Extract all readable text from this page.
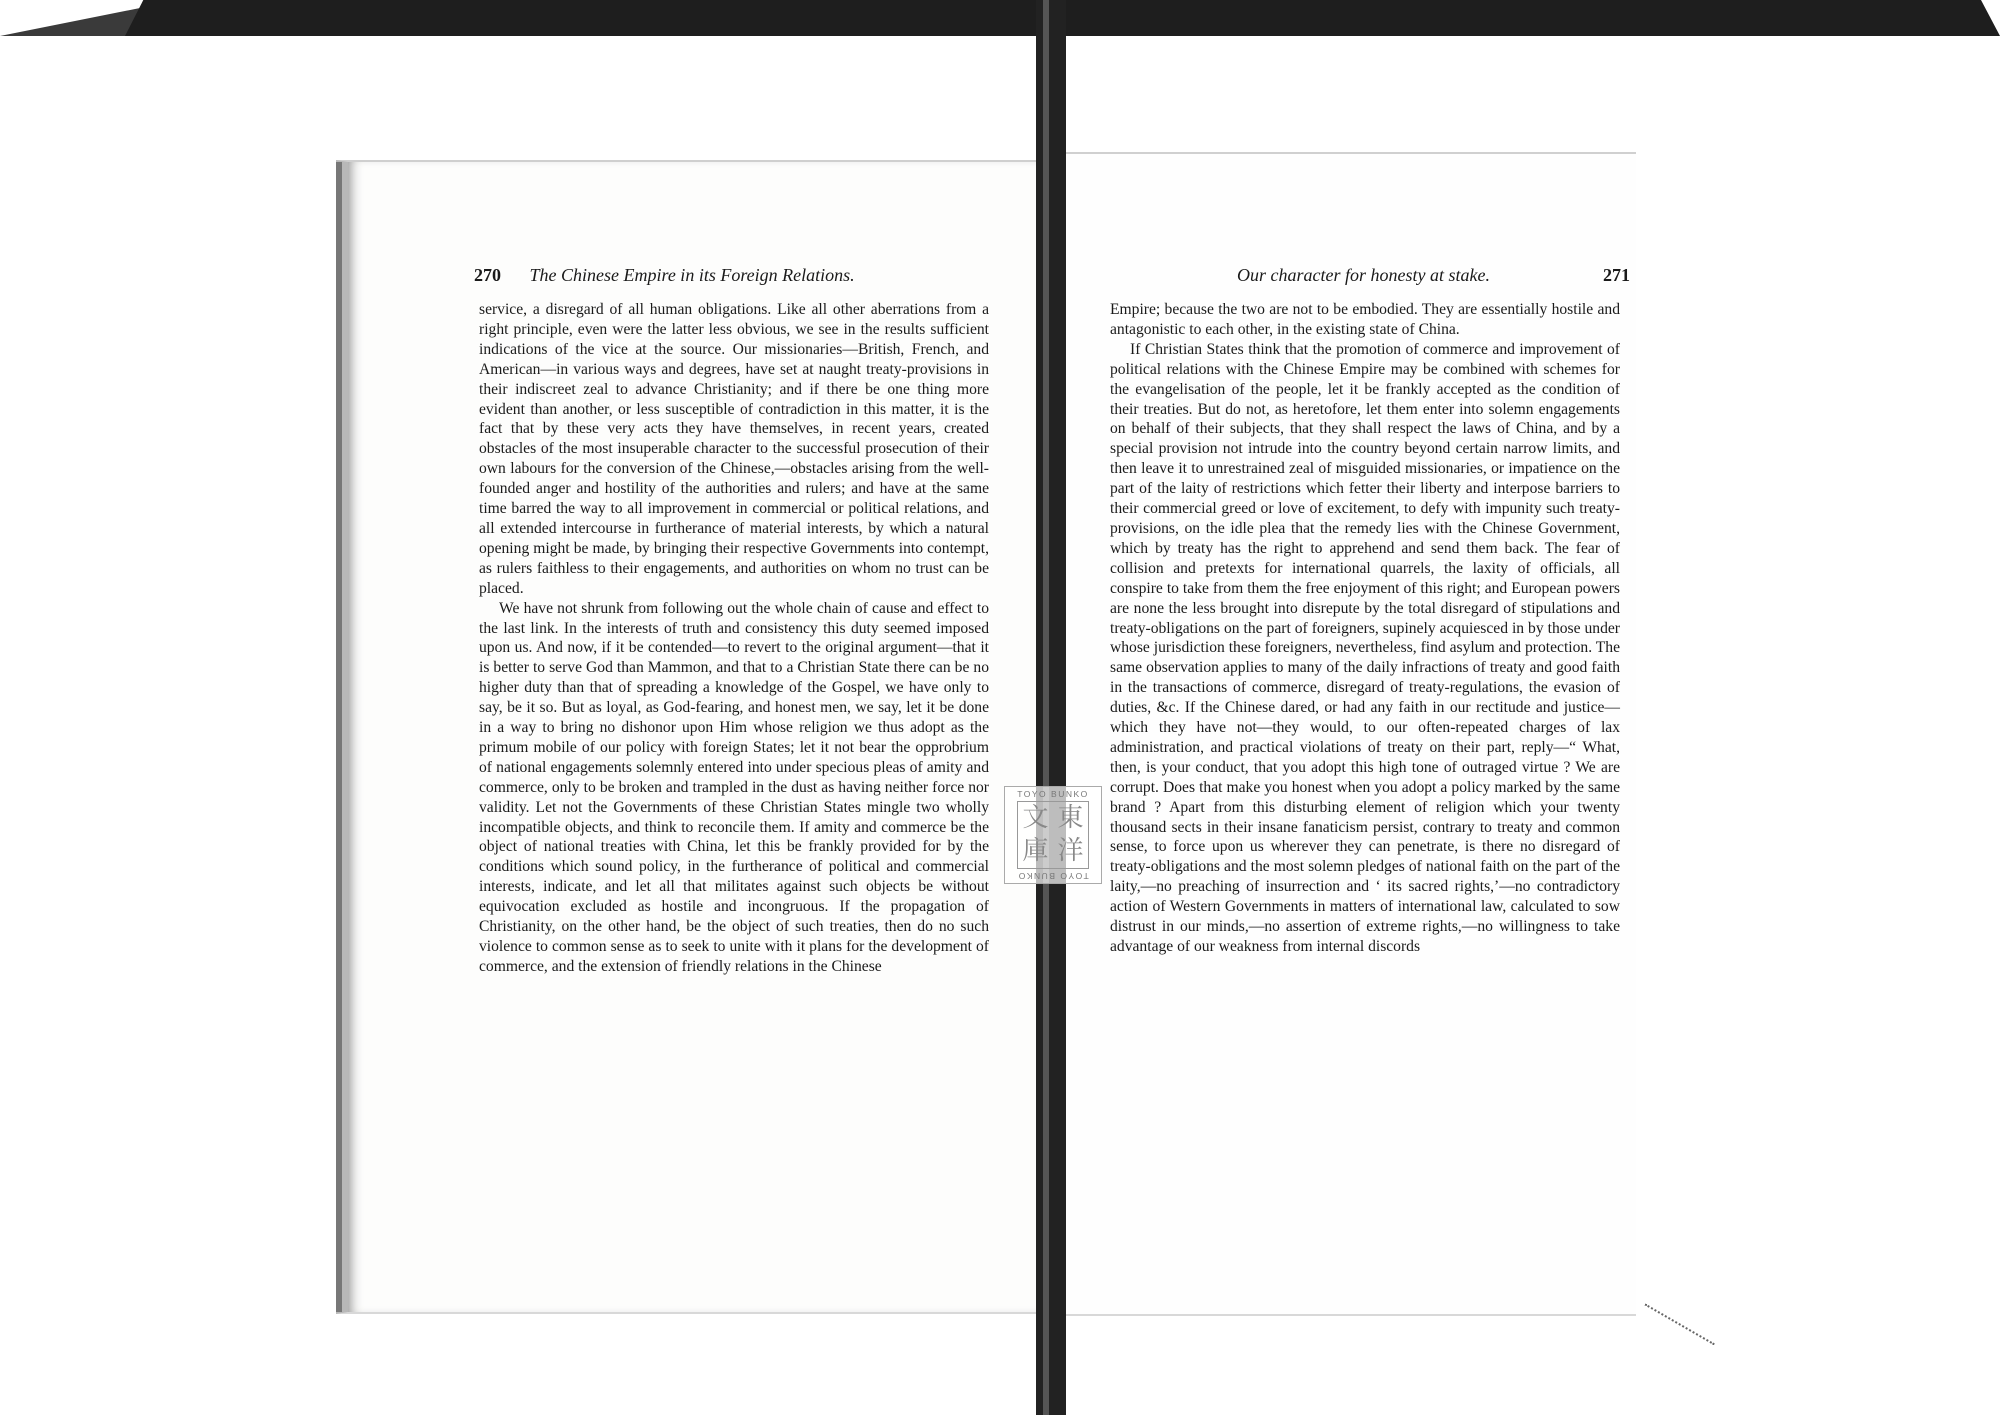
270 The Chinese Empire in its Foreign Relations.

service, a disregard of all human obligations. Like all other aberrations from a right principle, even were the latter less obvious, we see in the results sufficient indications of the vice at the source. Our missionaries—British, French, and American—in various ways and degrees, have set at naught treaty-provisions in their indiscreet zeal to advance Christianity; and if there be one thing more evident than another, or less susceptible of contradiction in this matter, it is the fact that by these very acts they have themselves, in recent years, created obstacles of the most insuperable character to the successful prosecution of their own labours for the conversion of the Chinese,—obstacles arising from the well-founded anger and hostility of the authorities and rulers; and have at the same time barred the way to all improvement in commercial or political relations, and all extended intercourse in furtherance of material interests, by which a natural opening might be made, by bringing their respective Governments into contempt, as rulers faithless to their engagements, and authorities on whom no trust can be placed.

We have not shrunk from following out the whole chain of cause and effect to the last link. In the interests of truth and consistency this duty seemed imposed upon us. And now, if it be contended—to revert to the original argument—that it is better to serve God than Mammon, and that to a Christian State there can be no higher duty than that of spreading a knowledge of the Gospel, we have only to say, be it so. But as loyal, as God-fearing, and honest men, we say, let it be done in a way to bring no dishonor upon Him whose religion we thus adopt as the primum mobile of our policy with foreign States; let it not bear the opprobrium of national engagements solemnly entered into under specious pleas of amity and commerce, only to be broken and trampled in the dust as having neither force nor validity. Let not the Governments of these Christian States mingle two wholly incompatible objects, and think to reconcile them. If amity and commerce be the object of national treaties with China, let this be frankly provided for by the conditions which sound policy, in the furtherance of political and commercial interests, indicate, and let all that militates against such objects be without equivocation excluded as hostile and incongruous. If the propagation of Christianity, on the other hand, be the object of such treaties, then do no such violence to common sense as to seek to unite with it plans for the development of commerce, and the extension of friendly relations in the Chinese

Our character for honesty at stake.	271

Empire; because the two are not to be embodied. They are essentially hostile and antagonistic to each other, in the existing state of China.

If Christian States think that the promotion of commerce and improvement of political relations with the Chinese Empire may be combined with schemes for the evangelisation of the people, let it be frankly accepted as the condition of their treaties. But do not, as heretofore, let them enter into solemn engagements on behalf of their subjects, that they shall respect the laws of China, and by a special provision not intrude into the country beyond certain narrow limits, and then leave it to unrestrained zeal of misguided missionaries, or impatience on the part of the laity of restrictions which fetter their liberty and interpose barriers to their commercial greed or love of excitement, to defy with impunity such treaty-provisions, on the idle plea that the remedy lies with the Chinese Government, which by treaty has the right to apprehend and send them back. The fear of collision and pretexts for international quarrels, the laxity of officials, all conspire to take from them the free enjoyment of this right; and European powers are none the less brought into disrepute by the total disregard of stipulations and treaty-obligations on the part of foreigners, supinely acquiesced in by those under whose jurisdiction these foreigners, nevertheless, find asylum and protection. The same observation applies to many of the daily infractions of treaty and good faith in the transactions of commerce, disregard of treaty-regulations, the evasion of duties, &c. If the Chinese dared, or had any faith in our rectitude and justice—which they have not—they would, to our often-repeated charges of lax administration, and practical violations of treaty on their part, reply—“ What, then, is your conduct, that you adopt this high tone of outraged virtue ? We are corrupt. Does that make you honest when you adopt a policy marked by the same brand ? Apart from this disturbing element of religion which your twenty thousand sects in their insane fanaticism persist, contrary to treaty and common sense, to force upon us wherever they can penetrate, is there no disregard of treaty-obligations and the most solemn pledges of national faith on the part of the laity,—no preaching of insurrection and ‘ its sacred rights,’—no contradictory action of Western Governments in matters of international law, calculated to sow distrust in our minds,—no assertion of extreme rights,—no willingness to take advantage of our weakness from internal discords

TOYO BUNKO
文 東
庫 洋
TOYO BUNKO
